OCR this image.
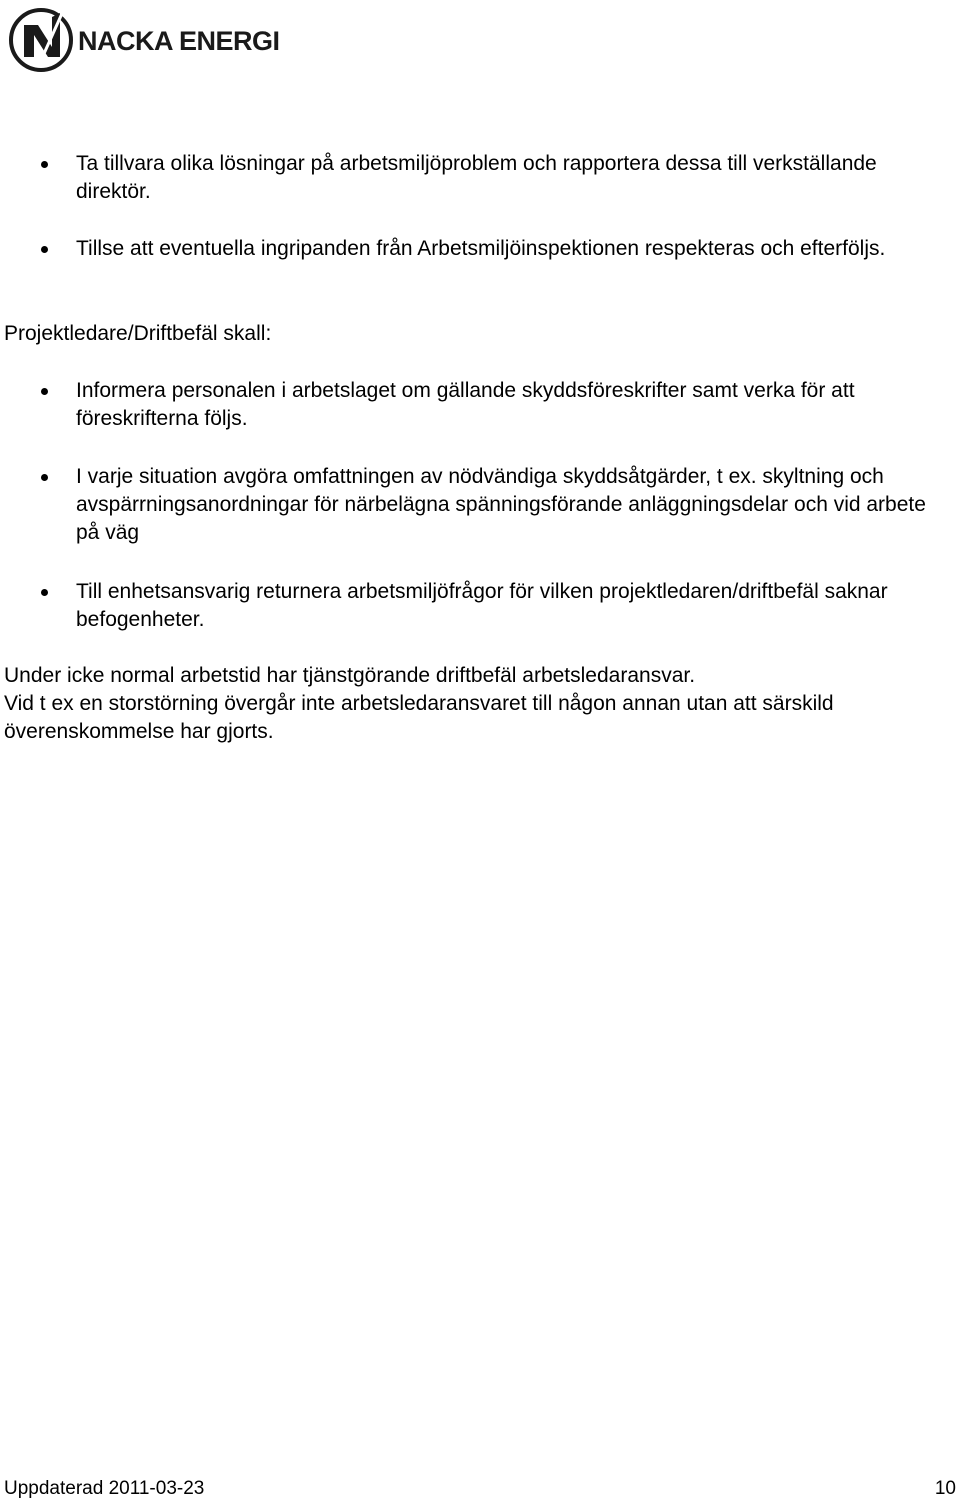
NACKA ENERGI
Ta tillvara olika lösningar på arbetsmiljöproblem och rapportera dessa till verkställande direktör.
Tillse att eventuella ingripanden från Arbetsmiljöinspektionen respekteras och efterföljs.
Projektledare/Driftbefäl skall:
Informera personalen i arbetslaget om gällande skyddsföreskrifter samt verka för att föreskrifterna följs.
I varje situation avgöra omfattningen av nödvändiga skyddsåtgärder, t ex. skyltning och avspärrningsanordningar för närbelägna spänningsförande anläggningsdelar och vid arbete på väg
Till enhetsansvarig returnera arbetsmiljöfrågor för vilken projektledaren/driftbefäl saknar befogenheter.
Under icke normal arbetstid har tjänstgörande driftbefäl arbetsledaransvar.
Vid t ex en storstörning övergår inte arbetsledaransvaret till någon annan utan att särskild överenskommelse har gjorts.
Uppdaterad 2011-03-23	10
